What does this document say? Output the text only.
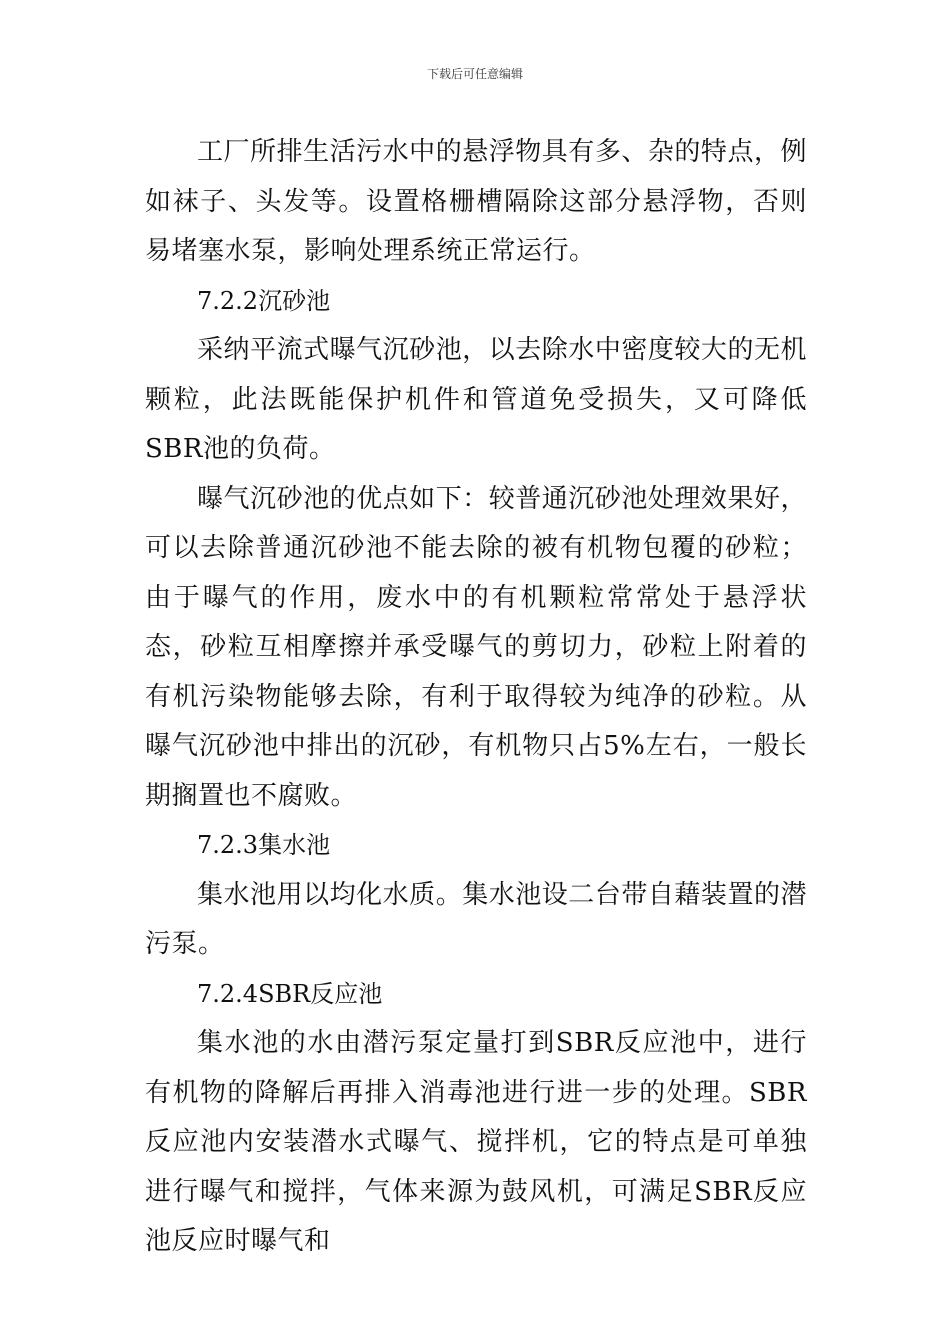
下载后可任意编辑

工厂所排生活污水中的悬浮物具有多、杂的特点，例如袜子、头发等。设置格栅槽隔除这部分悬浮物，否则易堵塞水泵，影响处理系统正常运行。

7.2.2沉砂池

采纳平流式曝气沉砂池，以去除水中密度较大的无机颗粒，此法既能保护机件和管道免受损失，又可降低SBR池的负荷。

曝气沉砂池的优点如下：较普通沉砂池处理效果好，可以去除普通沉砂池不能去除的被有机物包覆的砂粒；由于曝气的作用，废水中的有机颗粒常常处于悬浮状态，砂粒互相摩擦并承受曝气的剪切力，砂粒上附着的有机污染物能够去除，有利于取得较为纯净的砂粒。从曝气沉砂池中排出的沉砂，有机物只占5%左右，一般长期搁置也不腐败。

7.2.3集水池

集水池用以均化水质。集水池设二台带自藉装置的潜污泵。

7.2.4SBR反应池

集水池的水由潜污泵定量打到SBR反应池中，进行有机物的降解后再排入消毒池进行进一步的处理。SBR反应池内安装潜水式曝气、搅拌机，它的特点是可单独进行曝气和搅拌，气体来源为鼓风机，可满足SBR反应池反应时曝气和
